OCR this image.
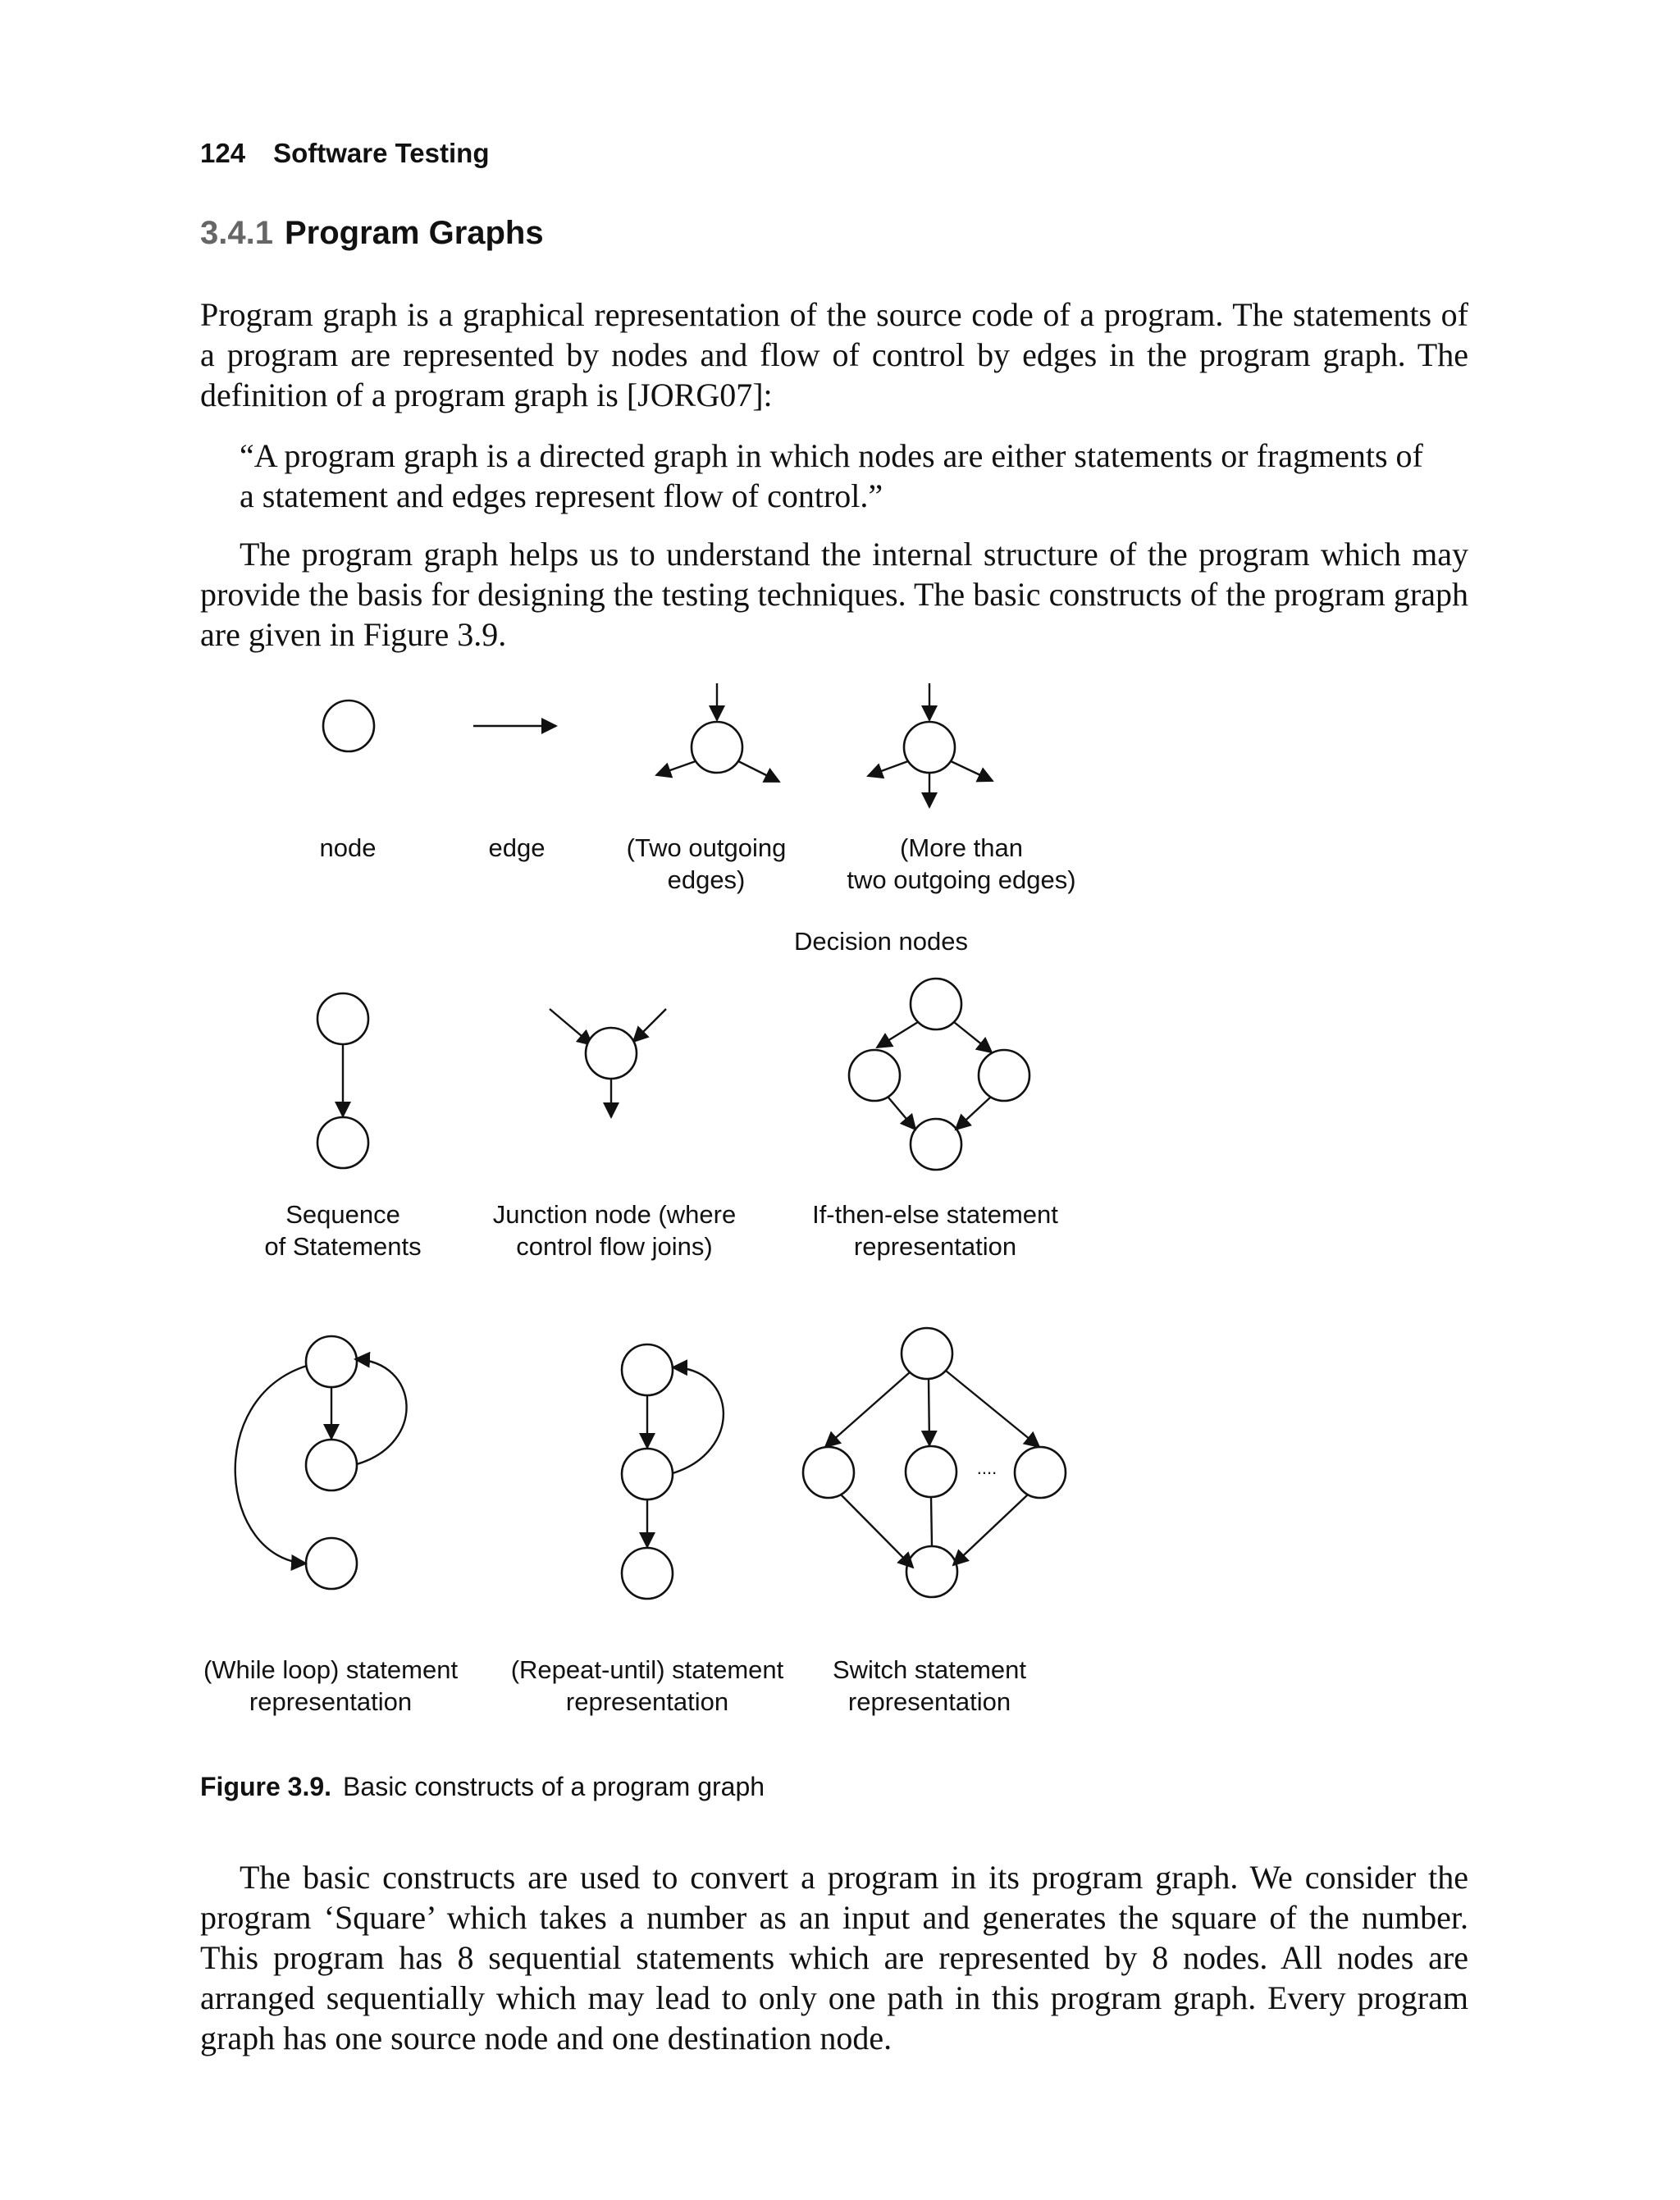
124 Software Testing
3.4.1 Program Graphs

Program graph is a graphical representation of the source code of a program. The statements of a program are represented by nodes and flow of control by edges in the program graph. The definition of a program graph is [JORG07]:

“A program graph is a directed graph in which nodes are either statements or fragments of a statement and edges represent flow of control.”

The program graph helps us to understand the internal structure of the program which may provide the basis for designing the testing techniques. The basic constructs of the program graph are given in Figure 3.9.

node	edge	(Two outgoing
edges)
(More than
two outgoing edges)
Decision nodes
Sequence
of Statements
Junction node (where
control flow joins)
If-then-else statement
representation
....
(While loop) statement
representation
(Repeat-until) statement
representation
Switch statement
representation
Figure 3.9. Basic constructs of a program graph

The basic constructs are used to convert a program in its program graph. We consider the program ‘Square’ which takes a number as an input and generates the square of the number. This program has 8 sequential statements which are represented by 8 nodes. All nodes are arranged sequentially which may lead to only one path in this program graph. Every program graph has one source node and one destination node.
